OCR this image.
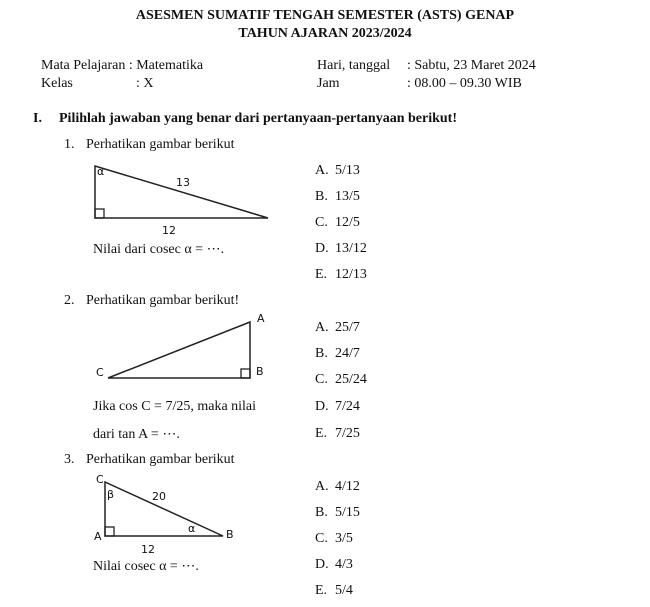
ASESMEN SUMATIF TENGAH SEMESTER (ASTS) GENAP
TAHUN AJARAN 2023/2024
Mata Pelajaran : Matematika
Kelas	: X
Hari, tanggal : Sabtu, 23 Maret 2024
Jam	: 08.00 – 09.30 WIB
I. Pilihlah jawaban yang benar dari pertanyaan-pertanyaan berikut!
1. Perhatikan gambar berikut
α
13
12
Nilai dari cosec α = ⋯.
A. 5/13
B. 13/5
C. 12/5
D. 13/12
E. 12/13
2. Perhatikan gambar berikut!
A
B
C
Jika cos C = 7/25, maka nilai
dari tan A = ⋯.
A. 25/7
B. 24/7
C. 25/24
D. 7/24
E. 7/25
3. Perhatikan gambar berikut
C
A	B
β
α
20
12
Nilai cosec α = ⋯.
A. 4/12
B. 5/15
C. 3/5
D. 4/3
E. 5/4
